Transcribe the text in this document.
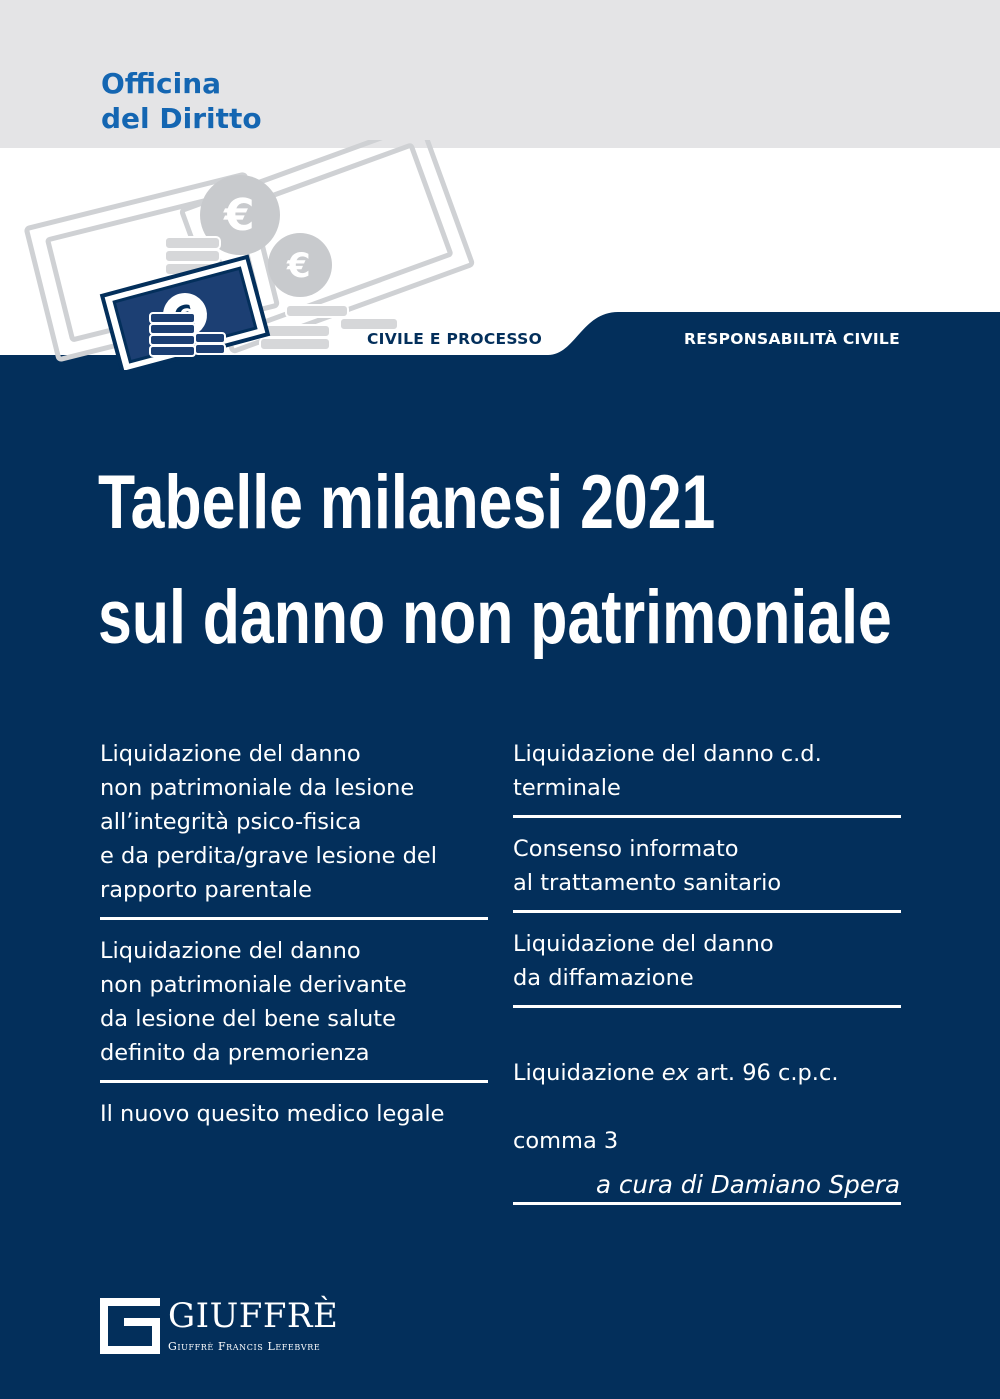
Officina
del Diritto
€
€
CIVILE E PROCESSO	RESPONSABILITÀ CIVILE
Tabelle milanesi 2021
sul danno non patrimoniale
Liquidazione del danno
non patrimoniale da lesione
all’integrità psico-fisica
e da perdita/grave lesione del
rapporto parentale
Liquidazione del danno
non patrimoniale derivante
da lesione del bene salute
definito da premorienza
Il nuovo quesito medico legale
Liquidazione del danno c.d.
terminale
Consenso informato
al trattamento sanitario
Liquidazione del danno
da diffamazione

Liquidazione ex art. 96 c.p.c.

comma 3

a cura di Damiano Spera
GIUFFRÈ
Giuffrè Francis Lefebvre
